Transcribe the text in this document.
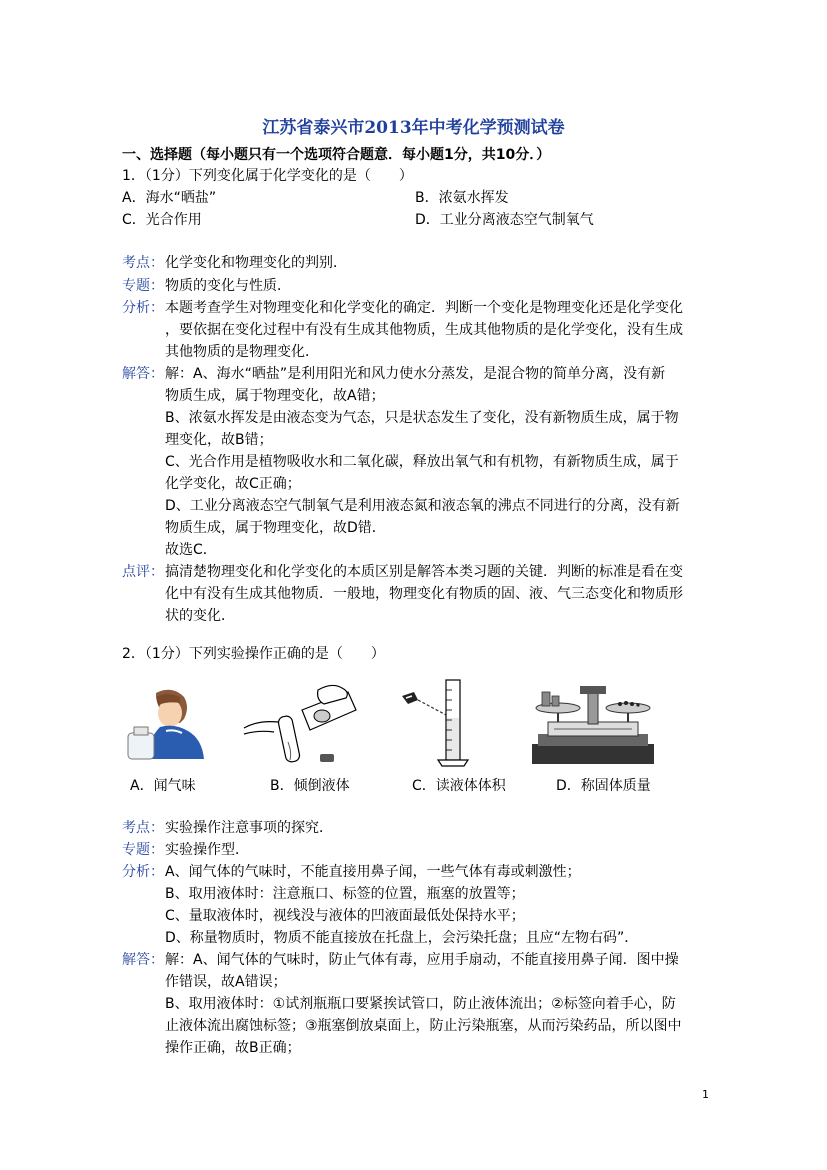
江苏省泰兴市2013年中考化学预测试卷
一、选择题（每小题只有一个选项符合题意．每小题1分，共10分．）
1．（1分）下列变化属于化学变化的是（　　）
A．海水“晒盐”	B．浓氨水挥发
C．光合作用	D．工业分离液态空气制氧气
考点： 化学变化和物理变化的判别．
专题： 物质的变化与性质．
分析： 本题考查学生对物理变化和化学变化的确定．判断一个变化是物理变化还是化学变化
，要依据在变化过程中有没有生成其他物质，生成其他物质的是化学变化，没有生成
其他物质的是物理变化．
解答： 解：A、海水“晒盐”是利用阳光和风力使水分蒸发，是混合物的简单分离，没有新
物质生成，属于物理变化，故A错；
B、浓氨水挥发是由液态变为气态，只是状态发生了变化，没有新物质生成，属于物
理变化，故B错；
C、光合作用是植物吸收水和二氧化碳，释放出氧气和有机物，有新物质生成，属于
化学变化，故C正确；
D、工业分离液态空气制氧气是利用液态氮和液态氧的沸点不同进行的分离，没有新
物质生成，属于物理变化，故D错．
故选C．
点评： 搞清楚物理变化和化学变化的本质区别是解答本类习题的关键．判断的标准是看在变
化中有没有生成其他物质．一般地，物理变化有物质的固、液、气三态变化和物质形
状的变化．
2．（1分）下列实验操作正确的是（　　）
A．闻气味	B．倾倒液体	C．读液体体积	D．称固体质量
考点： 实验操作注意事项的探究．
专题： 实验操作型．
分析： A、闻气体的气味时，不能直接用鼻子闻，一些气体有毒或刺激性；
B、取用液体时：注意瓶口、标签的位置，瓶塞的放置等；
C、量取液体时，视线没与液体的凹液面最低处保持水平；
D、称量物质时，物质不能直接放在托盘上，会污染托盘；且应“左物右码”．
解答： 解：A、闻气体的气味时，防止气体有毒，应用手扇动，不能直接用鼻子闻．图中操
作错误，故A错误；
B、取用液体时：①试剂瓶瓶口要紧挨试管口，防止液体流出；②标签向着手心，防
止液体流出腐蚀标签；③瓶塞倒放桌面上，防止污染瓶塞，从而污染药品，所以图中
操作正确，故B正确；
1
